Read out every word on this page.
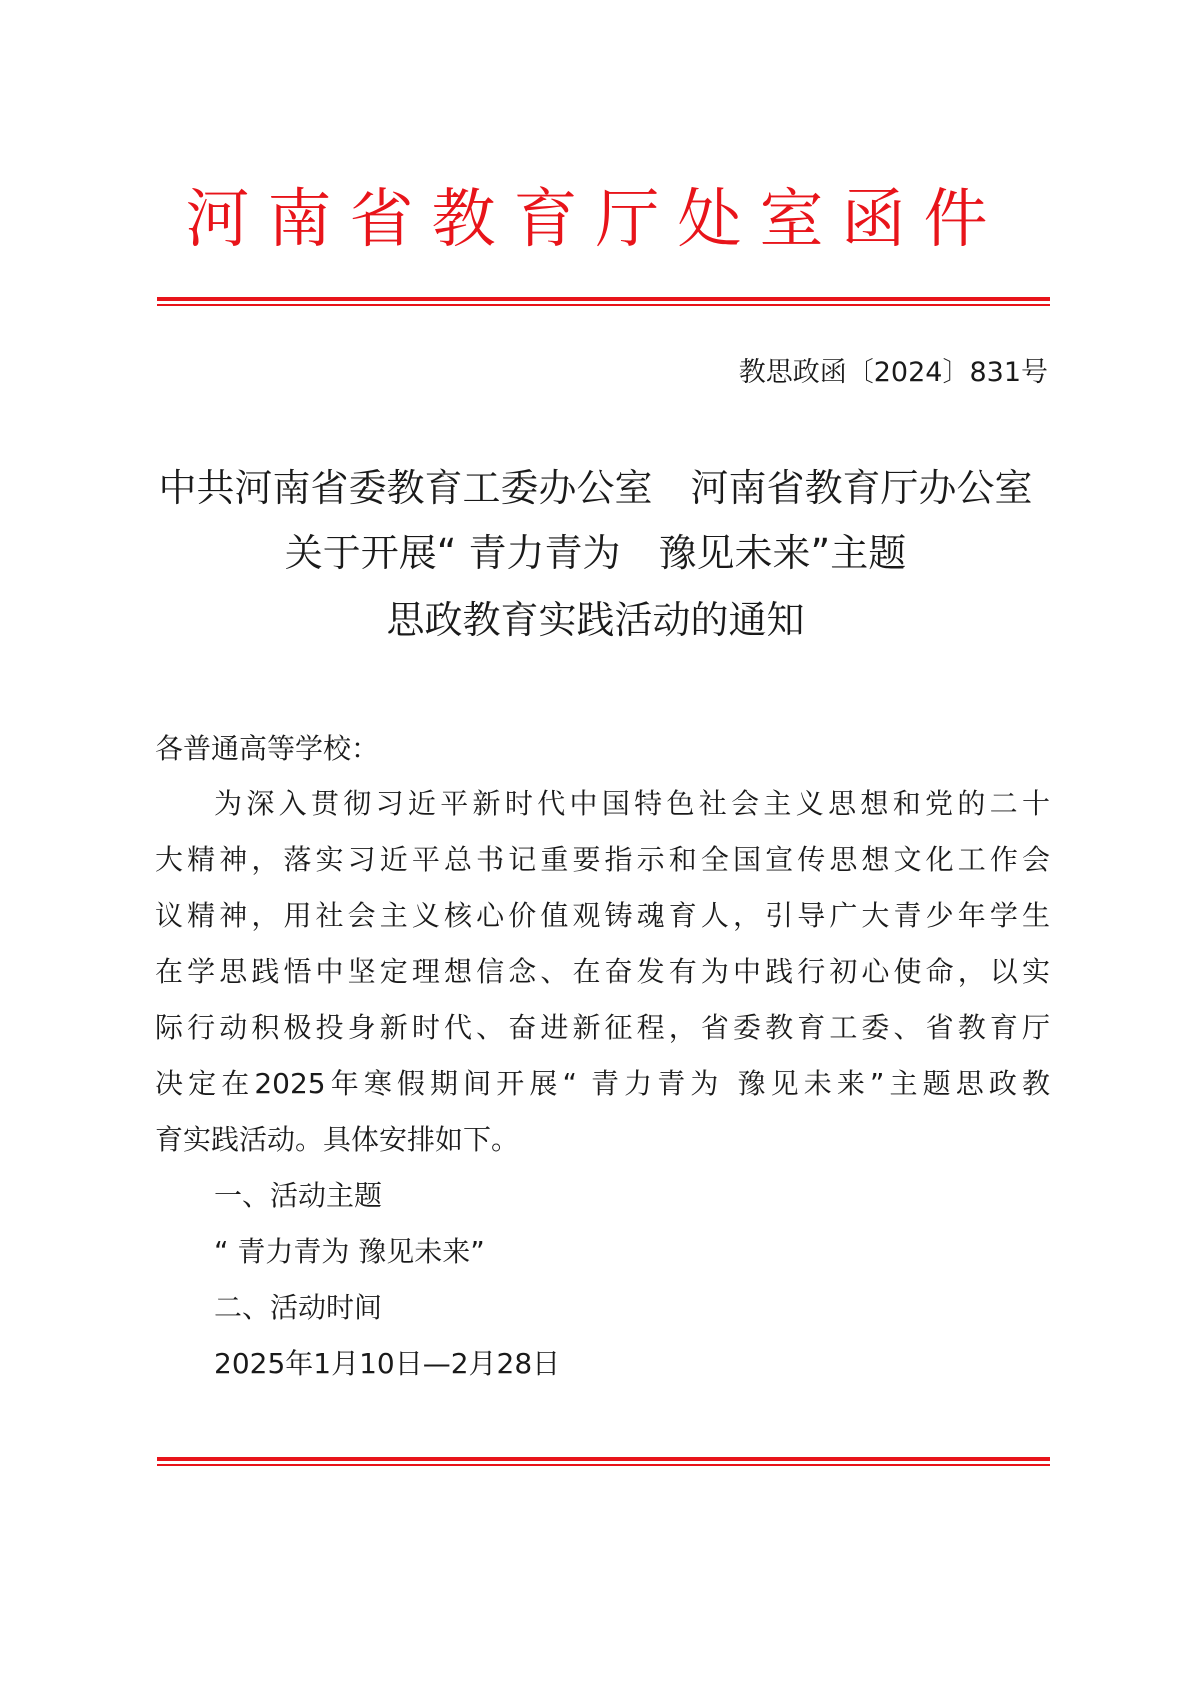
河南省教育厅处室函件
教思政函〔2024〕831号
中共河南省委教育工委办公室　河南省教育厅办公室
关于开展“ 青力青为　豫见未来”主题
思政教育实践活动的通知
各普通高等学校：
为深入贯彻习近平新时代中国特色社会主义思想和党的二十
大精神，落实习近平总书记重要指示和全国宣传思想文化工作会
议精神，用社会主义核心价值观铸魂育人，引导广大青少年学生
在学思践悟中坚定理想信念、在奋发有为中践行初心使命，以实
际行动积极投身新时代、奋进新征程，省委教育工委、省教育厅
决定在2025年寒假期间开展“ 青力青为 豫见未来”主题思政教
育实践活动。具体安排如下。
一、活动主题
“ 青力青为 豫见未来”
二、活动时间
2025年1月10日—2月28日
